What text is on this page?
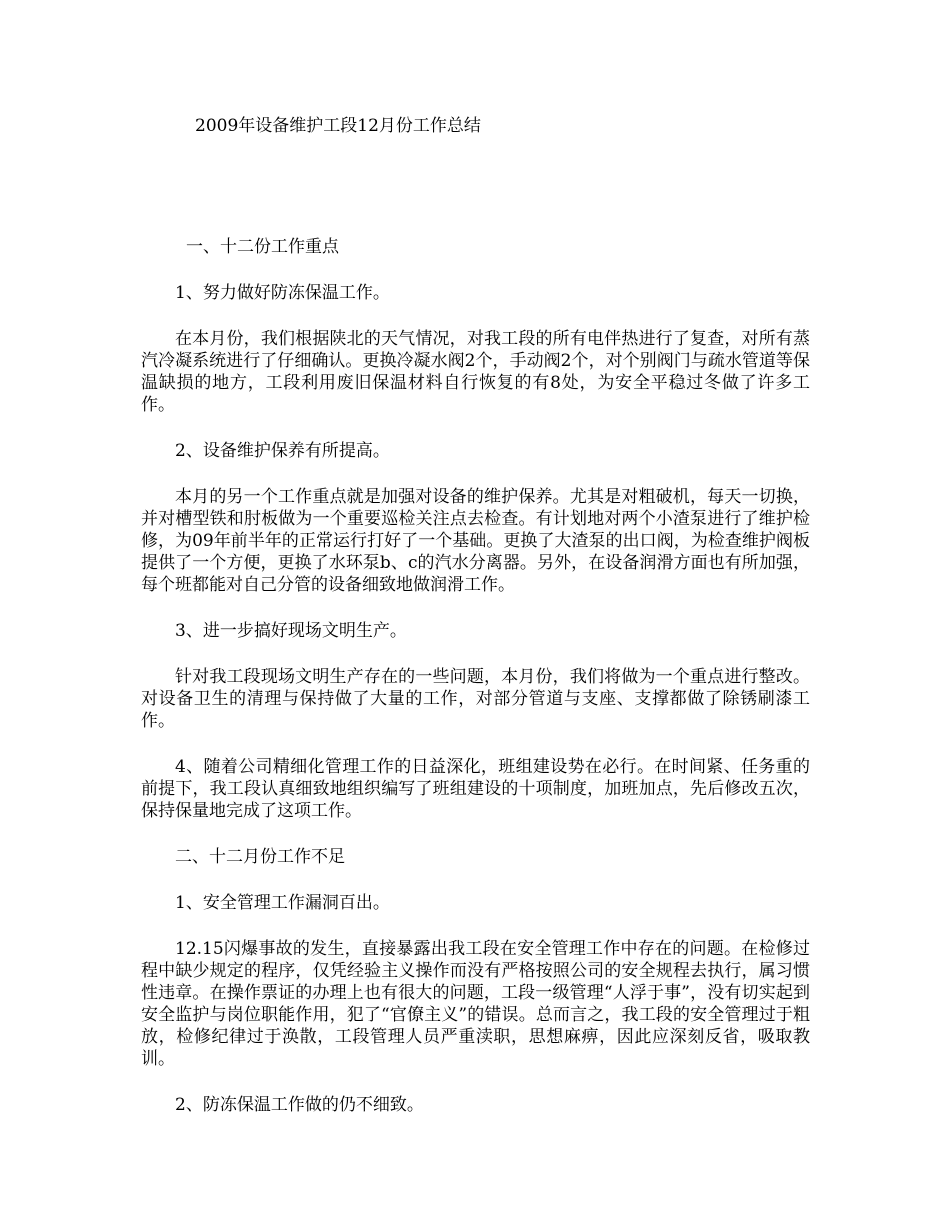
2009年设备维护工段12月份工作总结

一、十二份工作重点

1、努力做好防冻保温工作。

在本月份，我们根据陕北的天气情况，对我工段的所有电伴热进行了复查，对所有蒸汽冷凝系统进行了仔细确认。更换冷凝水阀2个，手动阀2个，对个别阀门与疏水管道等保温缺损的地方，工段利用废旧保温材料自行恢复的有8处，为安全平稳过冬做了许多工作。

2、设备维护保养有所提高。

本月的另一个工作重点就是加强对设备的维护保养。尤其是对粗破机，每天一切换，并对槽型铁和肘板做为一个重要巡检关注点去检查。有计划地对两个小渣泵进行了维护检修，为09年前半年的正常运行打好了一个基础。更换了大渣泵的出口阀，为检查维护阀板提供了一个方便，更换了水环泵b、c的汽水分离器。另外，在设备润滑方面也有所加强，每个班都能对自己分管的设备细致地做润滑工作。

3、进一步搞好现场文明生产。

针对我工段现场文明生产存在的一些问题，本月份，我们将做为一个重点进行整改。对设备卫生的清理与保持做了大量的工作，对部分管道与支座、支撑都做了除锈刷漆工作。

4、随着公司精细化管理工作的日益深化，班组建设势在必行。在时间紧、任务重的前提下，我工段认真细致地组织编写了班组建设的十项制度，加班加点，先后修改五次，保持保量地完成了这项工作。

二、十二月份工作不足

1、安全管理工作漏洞百出。

12.15闪爆事故的发生，直接暴露出我工段在安全管理工作中存在的问题。在检修过程中缺少规定的程序，仅凭经验主义操作而没有严格按照公司的安全规程去执行，属习惯性违章。在操作票证的办理上也有很大的问题，工段一级管理“人浮于事”，没有切实起到安全监护与岗位职能作用，犯了“官僚主义”的错误。总而言之，我工段的安全管理过于粗放，检修纪律过于涣散，工段管理人员严重渎职，思想麻痹，因此应深刻反省，吸取教训。

2、防冻保温工作做的仍不细致。
